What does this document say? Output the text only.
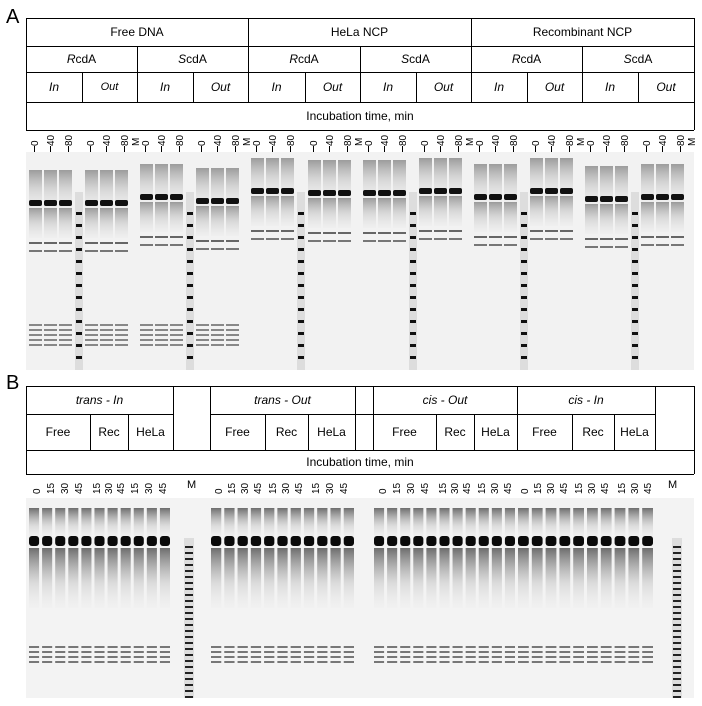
A
Free DNA	HeLa NCP	Recombinant NCP
R cdA	S cdA	R cdA	S cdA	R cdA	S cdA
In	Out	In	Out	In	Out	In	Out	In	Out	In	Out
Incubation time, min
0 40 80 0 40 80 M 0 40 80 0 40 80 M 0 40 80 0 40 80 M 0 40 80 0 40 80 M 0 40 80 0 40 80 M 0 40 80 0 40 80 M
B
trans - In	trans - Out	cis - Out	cis - In
Free	Rec	HeLa	Free	Rec	HeLa	Free	Rec	HeLa	Free	Rec	HeLa
Incubation time, min
0 15 30 45 15 30 45 15 30 45	0 15 30 45 15 30 45 15 30 45	0 15 30 45 15 30 45 15 30 45 0 15 30 45 15 30 45 15 30 45
M	M
